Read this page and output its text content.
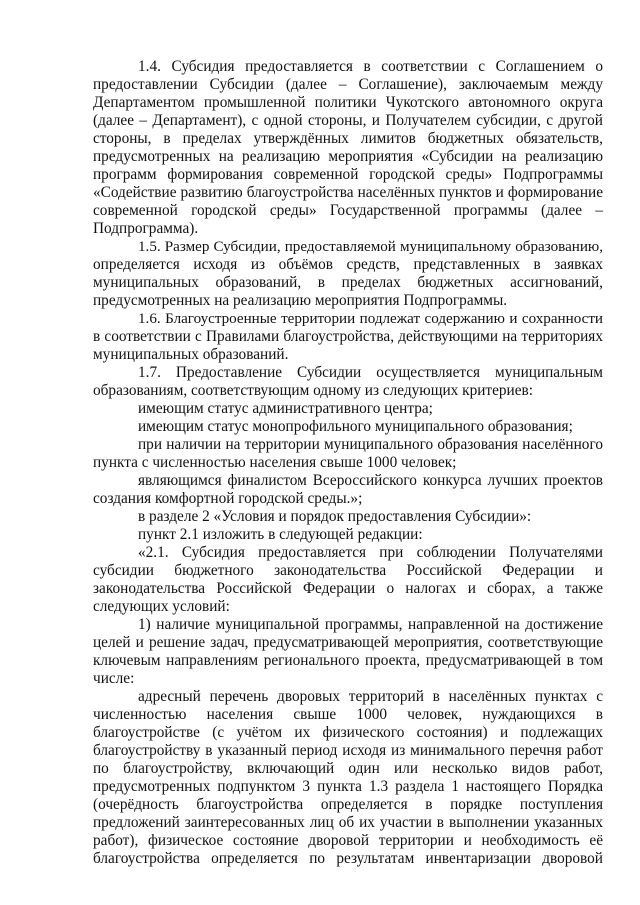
1.4. Субсидия предоставляется в соответствии с Соглашением о
предоставлении Субсидии (далее – Соглашение), заключаемым между
Департаментом промышленной политики Чукотского автономного округа
(далее – Департамент), с одной стороны, и Получателем субсидии, с другой
стороны, в пределах утверждённых лимитов бюджетных обязательств,
предусмотренных на реализацию мероприятия «Субсидии на реализацию
программ формирования современной городской среды» Подпрограммы
«Содействие развитию благоустройства населённых пунктов и формирование
современной городской среды» Государственной программы (далее –
Подпрограмма).
1.5. Размер Субсидии, предоставляемой муниципальному образованию,
определяется исходя из объёмов средств, представленных в заявках
муниципальных образований, в пределах бюджетных ассигнований,
предусмотренных на реализацию мероприятия Подпрограммы.
1.6. Благоустроенные территории подлежат содержанию и сохранности
в соответствии с Правилами благоустройства, действующими на территориях
муниципальных образований.
1.7. Предоставление Субсидии осуществляется муниципальным
образованиям, соответствующим одному из следующих критериев:
имеющим статус административного центра;
имеющим статус монопрофильного муниципального образования;
при наличии на территории муниципального образования населённого
пункта с численностью населения свыше 1000 человек;
являющимся финалистом Всероссийского конкурса лучших проектов
создания комфортной городской среды.»;
в разделе 2 «Условия и порядок предоставления Субсидии»:
пункт 2.1 изложить в следующей редакции:
«2.1. Субсидия предоставляется при соблюдении Получателями
субсидии бюджетного законодательства Российской Федерации и
законодательства Российской Федерации о налогах и сборах, а также
следующих условий:
1) наличие муниципальной программы, направленной на достижение
целей и решение задач, предусматривающей мероприятия, соответствующие
ключевым направлениям регионального проекта, предусматривающей в том
числе:
адресный перечень дворовых территорий в населённых пунктах с
численностью населения свыше 1000 человек, нуждающихся в
благоустройстве (с учётом их физического состояния) и подлежащих
благоустройству в указанный период исходя из минимального перечня работ
по благоустройству, включающий один или несколько видов работ,
предусмотренных подпунктом 3 пункта 1.3 раздела 1 настоящего Порядка
(очерёдность благоустройства определяется в порядке поступления
предложений заинтересованных лиц об их участии в выполнении указанных
работ), физическое состояние дворовой территории и необходимость её
благоустройства определяется по результатам инвентаризации дворовой
